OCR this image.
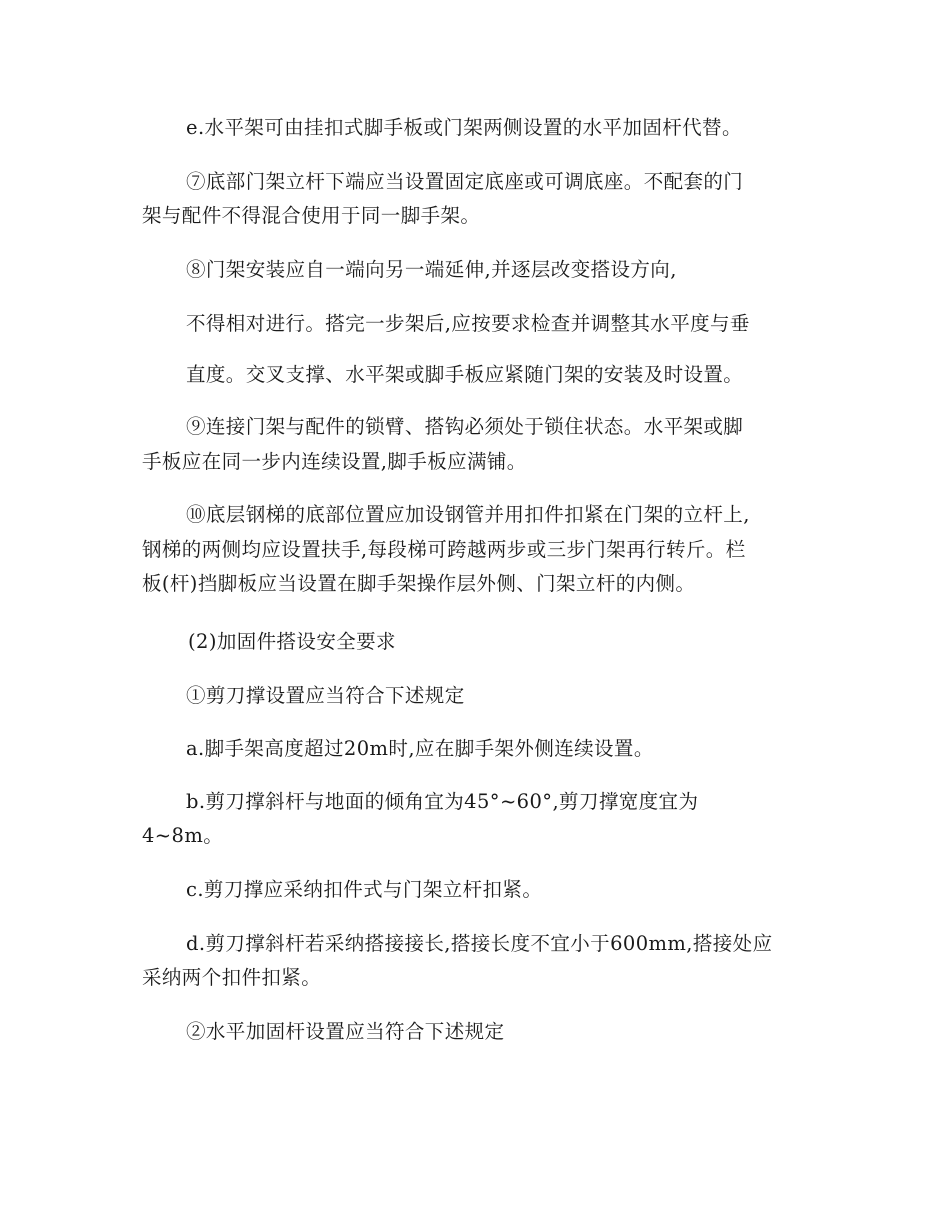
e.水平架可由挂扣式脚手板或门架两侧设置的水平加固杆代替。
⑦底部门架立杆下端应当设置固定底座或可调底座。不配套的门
架与配件不得混合使用于同一脚手架。
⑧门架安装应自一端向另一端延伸,并逐层改变搭设方向,
不得相对进行。搭完一步架后,应按要求检查并调整其水平度与垂
直度。交叉支撑、水平架或脚手板应紧随门架的安装及时设置。
⑨连接门架与配件的锁臂、搭钩必须处于锁住状态。水平架或脚
手板应在同一步内连续设置,脚手板应满铺。
⑩底层钢梯的底部位置应加设钢管并用扣件扣紧在门架的立杆上,
钢梯的两侧均应设置扶手,每段梯可跨越两步或三步门架再行转斤。栏
板(杆)挡脚板应当设置在脚手架操作层外侧、门架立杆的内侧。
(2)加固件搭设安全要求
①剪刀撑设置应当符合下述规定
a.脚手架高度超过20m时,应在脚手架外侧连续设置。
b.剪刀撑斜杆与地面的倾角宜为45°~60°,剪刀撑宽度宜为
4~8m。
c.剪刀撑应采纳扣件式与门架立杆扣紧。
d.剪刀撑斜杆若采纳搭接接长,搭接长度不宜小于600mm,搭接处应
采纳两个扣件扣紧。
②水平加固杆设置应当符合下述规定
